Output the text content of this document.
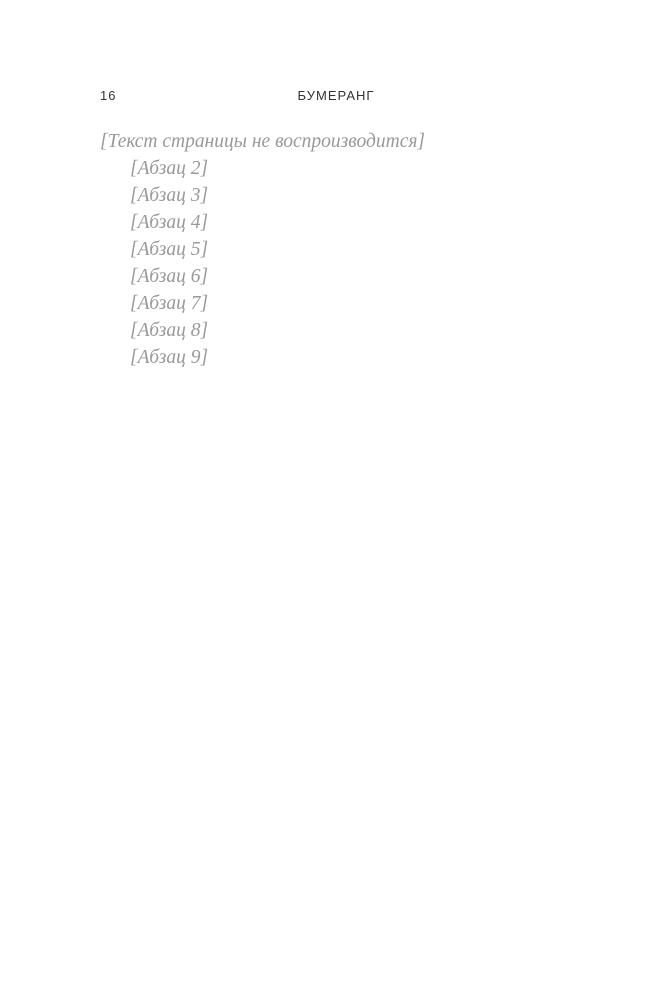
16	БУМЕРАНГ

[Текст страницы не воспроизводится]

[Абзац 2]

[Абзац 3]

[Абзац 4]

[Абзац 5]

[Абзац 6]

[Абзац 7]

[Абзац 8]

[Абзац 9]
